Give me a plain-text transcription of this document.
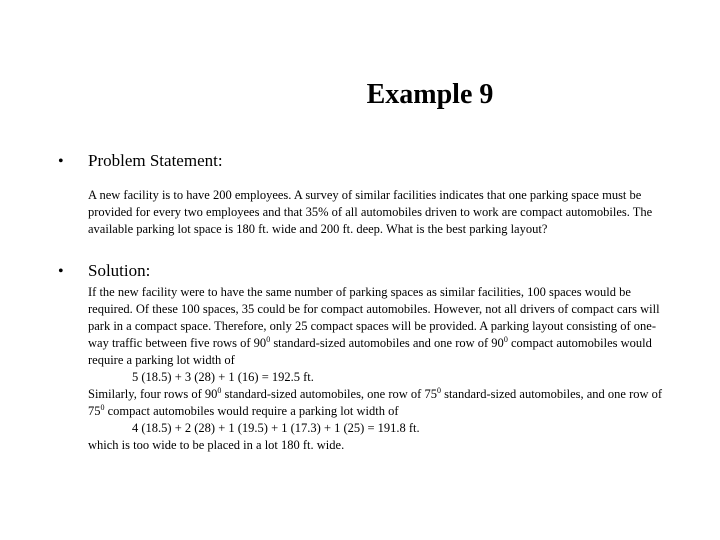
Example 9
• Problem Statement:

A new facility is to have 200 employees. A survey of similar facilities indicates that one parking space must be provided for every two employees and that 35% of all automobiles driven to work are compact automobiles. The available parking lot space is 180 ft. wide and 200 ft. deep. What is the best parking layout?

• Solution:

If the new facility were to have the same number of parking spaces as similar facilities, 100 spaces would be required. Of these 100 spaces, 35 could be for compact automobiles. However, not all drivers of compact cars will park in a compact space. Therefore, only 25 compact spaces will be provided. A parking layout consisting of one-way traffic between five rows of $90^0$ standard-sized automobiles and one row of $90^0$ compact automobiles would require a parking lot width of

5 (18.5) + 3 (28) + 1 (16) = 192.5 ft.

Similarly, four rows of $90^0$ standard-sized automobiles, one row of $75^0$ standard-sized automobiles, and one row of $75^0$ compact automobiles would require a parking lot width of

4 (18.5) + 2 (28) + 1 (19.5) + 1 (17.3) + 1 (25) = 191.8 ft.

which is too wide to be placed in a lot 180 ft. wide.
